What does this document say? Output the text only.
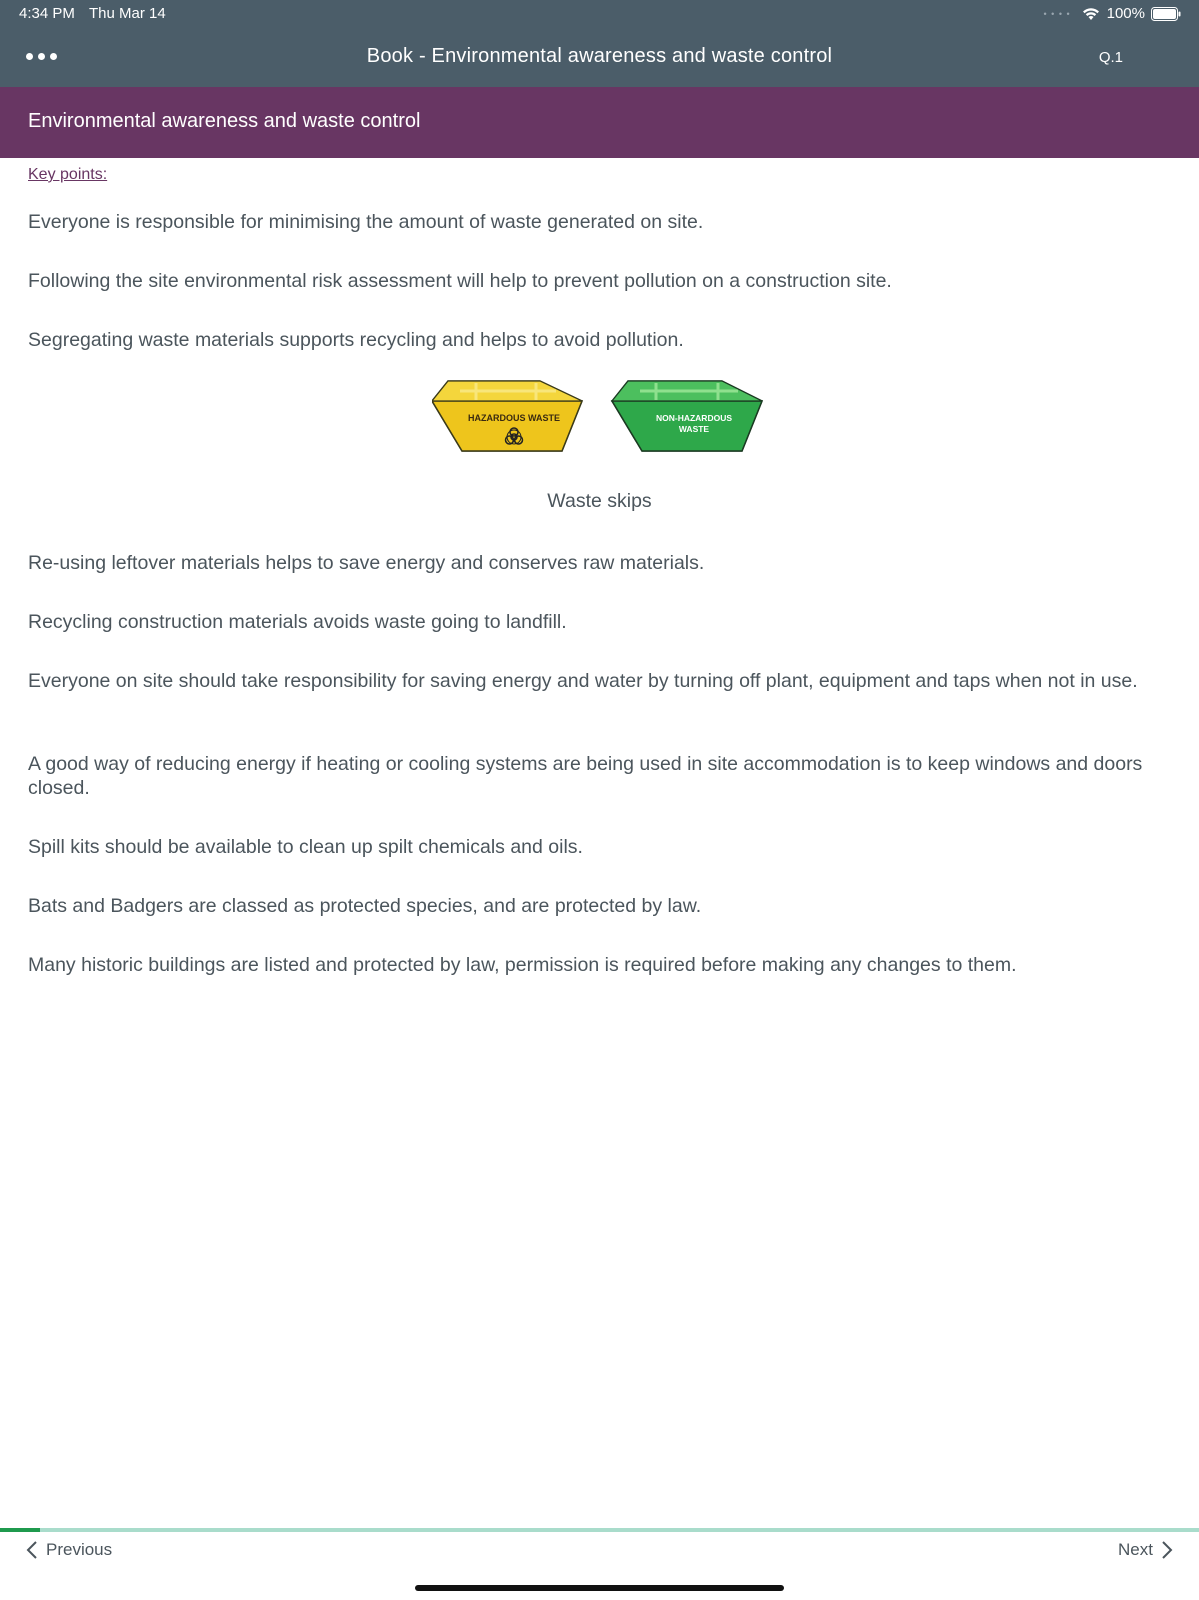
4:34 PM Thu Mar 14	• • • • 100%
Book - Environmental awareness and waste control	Q.1
Environmental awareness and waste control
Key points:
Everyone is responsible for minimising the amount of waste generated on site.
Following the site environmental risk assessment will help to prevent pollution on a construction site.
Segregating waste materials supports recycling and helps to avoid pollution.
HAZARDOUS WASTE	NON-HAZARDOUS
WASTE
Waste skips
Re-using leftover materials helps to save energy and conserves raw materials.
Recycling construction materials avoids waste going to landfill.
Everyone on site should take responsibility for saving energy and water by turning off plant, equipment and taps when not in use.
A good way of reducing energy if heating or cooling systems are being used in site accommodation is to keep windows and doors closed.
Spill kits should be available to clean up spilt chemicals and oils.
Bats and Badgers are classed as protected species, and are protected by law.
Many historic buildings are listed and protected by law, permission is required before making any changes to them.
Previous	Next
